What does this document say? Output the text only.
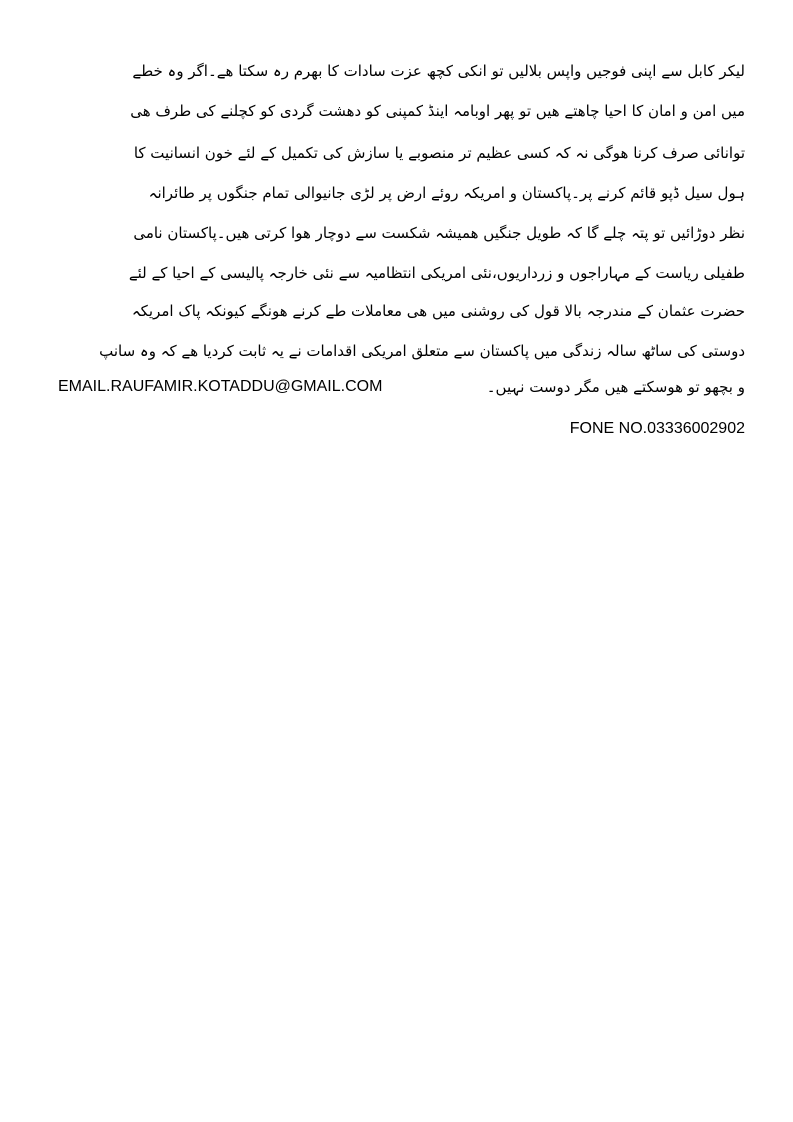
لیکر کابل سے اپنی فوجیں واپس بلالیں تو انکی کچھ عزت سادات کا بھرم رہ سکتا ھے۔اگر وہ خطے
میں امن و امان کا احیا چاھتے ھیں تو پھر اوبامہ اینڈ کمپنی کو دھشت گردی کو کچلنے کی طرف ھی
توانائی صرف کرنا ھوگی نہ کہ کسی عظیم تر منصوبے یا سازش کی تکمیل کے لئے خون انسانیت کا
ہول سیل ڈپو قائم کرنے پر۔پاکستان و امریکہ روئے ارض پر لڑی جانیوالی تمام جنگوں پر طائرانہ
نظر دوڑائیں تو پتہ چلے گا کہ طویل جنگیں ھمیشہ شکست سے دوچار ھوا کرتی ھیں۔پاکستان نامی
طفیلی ریاست کے مہاراجوں و زرداریوں،نئی امریکی انتظامیہ سے نئی خارجہ پالیسی کے احیا کے لئے
حضرت عثمان کے مندرجہ بالا قول کی روشنی میں ھی معاملات طے کرنے ھونگے کیونکہ پاک امریکہ
دوستی کی ساٹھ سالہ زندگی میں پاکستان سے متعلق امریکی اقدامات نے یہ ثابت کردیا ھے کہ وہ سانپ
و بچھو تو ھوسکتے ھیں مگر دوست نہیں۔
EMAIL.RAUFAMIR.KOTADDU@GMAIL.COM
FONE NO.03336002902
